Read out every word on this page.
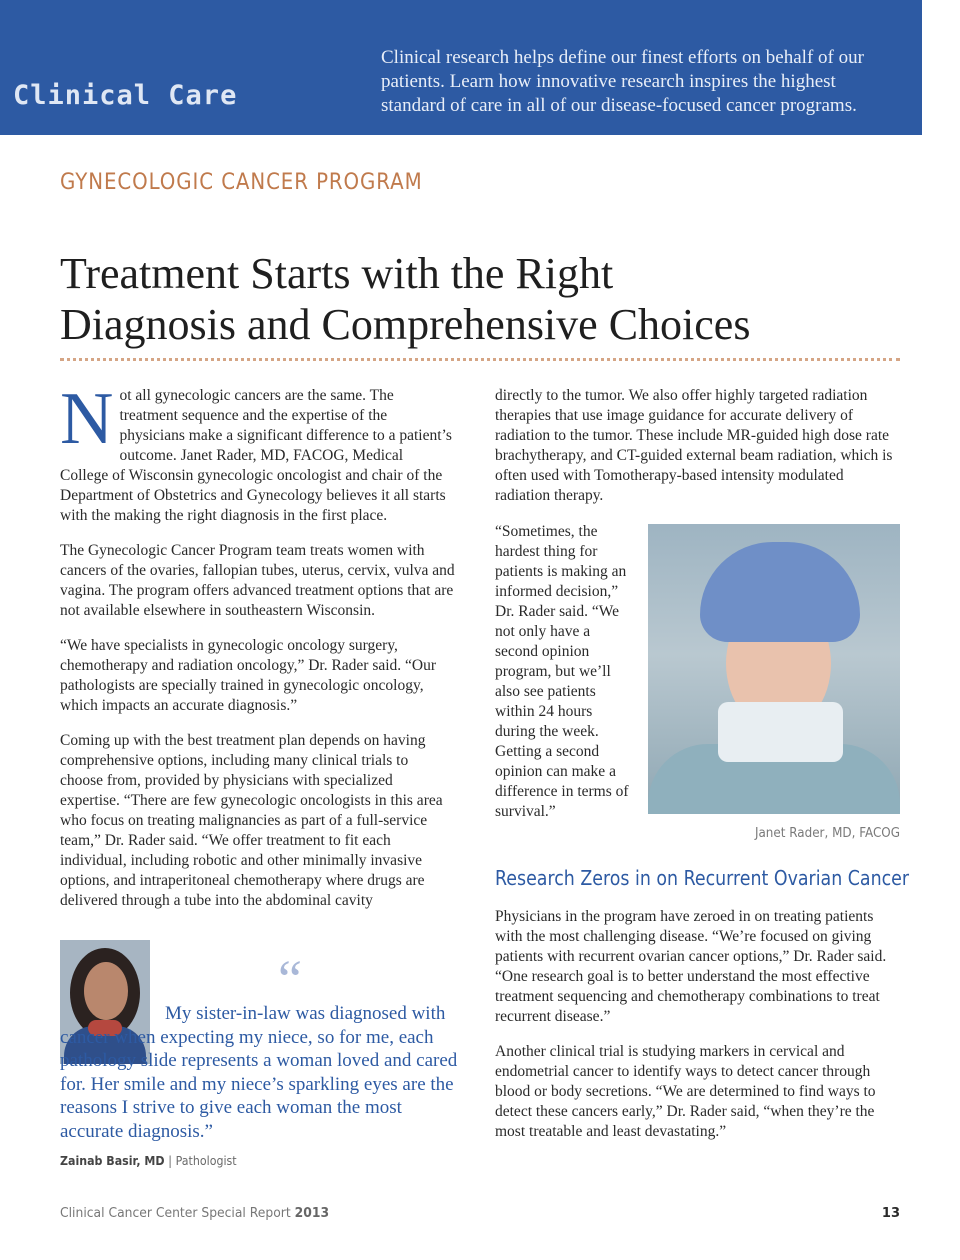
Clinical Care
Clinical research helps define our finest efforts on behalf of our
patients. Learn how innovative research inspires the highest
standard of care in all of our disease-focused cancer programs.
GYNECOLOGIC CANCER PROGRAM
Treatment Starts with the Right
Diagnosis and Comprehensive Choices

Not all gynecologic cancers are the same. The treatment sequence and the expertise of the physicians make a significant difference to a patient’s outcome. Janet Rader, MD, FACOG, Medical College of Wisconsin gynecologic oncologist and chair of the Department of Obstetrics and Gynecology believes it all starts with the making the right diagnosis in the first place.

The Gynecologic Cancer Program team treats women with cancers of the ovaries, fallopian tubes, uterus, cervix, vulva and vagina. The program offers advanced treatment options that are not available elsewhere in southeastern Wisconsin.

“We have specialists in gynecologic oncology surgery, chemotherapy and radiation oncology,” Dr. Rader said. “Our pathologists are specially trained in gynecologic oncology, which impacts an accurate diagnosis.”

Coming up with the best treatment plan depends on having comprehensive options, including many clinical trials to choose from, provided by physicians with specialized expertise. “There are few gynecologic oncologists in this area who focus on treating malignancies as part of a full-service team,” Dr. Rader said. “We offer treatment to fit each individual, including robotic and other minimally invasive options, and intraperitoneal chemotherapy where drugs are delivered through a tube into the abdominal cavity

directly to the tumor. We also offer highly targeted radiation therapies that use image guidance for accurate delivery of radiation to the tumor. These include MR-guided high dose rate brachytherapy, and CT-guided external beam radiation, which is often used with Tomotherapy-based intensity modulated radiation therapy.
“Sometimes, the hardest thing for patients is making an informed decision,” Dr. Rader said. “We not only have a second opinion program, but we’ll also see patients within 24 hours during the week. Getting a second opinion can make a difference in terms of survival.”
Janet Rader, MD, FACOG
Research Zeros in on Recurrent Ovarian Cancer

Physicians in the program have zeroed in on treating patients with the most challenging disease. “We’re focused on giving patients with recurrent ovarian cancer options,” Dr. Rader said. “One research goal is to better understand the most effective treatment sequencing and chemotherapy combinations to treat recurrent disease.”

Another clinical trial is studying markers in cervical and endometrial cancer to identify ways to detect cancer through blood or body secretions. “We are determined to find ways to detect these cancers early,” Dr. Rader said, “when they’re the most treatable and least devastating.”

“
My sister-in-law was diagnosed with cancer when expecting my niece, so for me, each pathology slide represents a woman loved and cared for. Her smile and my niece’s sparkling eyes are the reasons I strive to give each woman the most accurate diagnosis.”
Zainab Basir, MD | Pathologist
Clinical Cancer Center Special Report 2013	13
